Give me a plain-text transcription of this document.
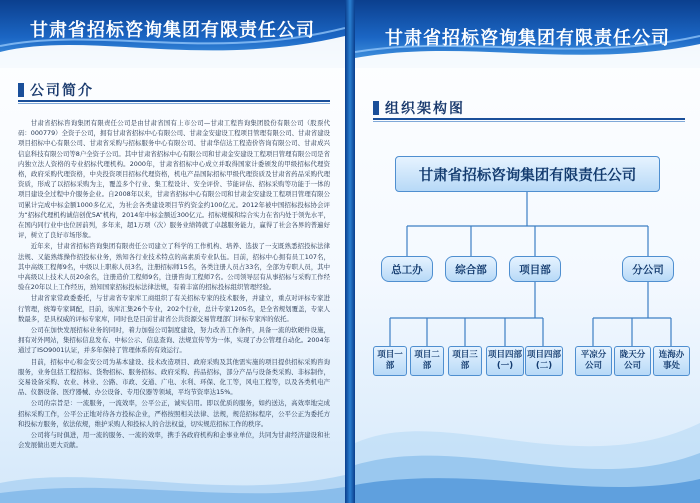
甘肃省招标咨询集团有限责任公司
公司简介

甘肃省招标咨询集团有限责任公司是由甘肃省国有上市公司—甘肃工程咨询集团股份有限公司（股票代码：000779）全资子公司，拥有甘肃省招标中心有限公司、甘肃金安建设工程项目管理有限公司、甘肃省建设项目招标中心有限公司、甘肃省采购与招标服务中心有限公司、甘肃华信达工程造价咨询有限公司、甘肃成兴信息科技有限公司等8户全资子公司。其中甘肃省招标中心有限公司和甘肃金安建设工程项目管理有限公司是省内独立法人资格的专业招标代理机构。2000年，甘肃省招标中心成立并取得国家计委颁发的甲级招标代理资格，政府采购代理资格，中央投资项目招标代理资格，机电产品国际招标甲级代理资质及甘肃省药品采购代理资质，形成了以招标采购为主，覆盖多个行业、集工程设计、安全评价、节能评估、招标采购等功能于一体的项目建设全过程中介服务企业。自2008年以来，甘肃省招标中心有限公司和甘肃金安建设工程项目管理有限公司累计完成中标金额1000多亿元，为社会各类建设项目节约资金约100亿元。2012年被中国招标投标协会评为“招标代理机构诚信创优5A”机构，2014年中标金额近300亿元。招标规模和综合实力在省内处于领先水平，在国内同行业中也位居前列，多年来，超1万项（次）服务业绩铸就了卓越服务能力，赢得了社会各界的普遍好评，树立了良好市场形象。

近年来，甘肃省招标咨询集团有限责任公司建立了科学的工作机构、培养、选拔了一支既熟悉招投标法律法规、又能熟练操作招投标业务，熟知各行业技术特点的高素质专业队伍。目前，招标中心拥有员工107名，其中高级工程师9名，中级以上职称人员3名，注册招标师15名，各类注册人员占33名，全部为专职人员，其中中高级以上技术人员20余名，注册造价工程师9名，注册咨询工程师7名。公司领导层有从事招标与采购工作经验在20年以上工作经历，熟知国家招标投标法律法规，有着丰富的招标投标组织管理经验。

甘肃省家常政委委托，与甘肃省专家库工商组织了有关招标专家的技术服务，并建立，重点对评标专家进行管理，统筹专家调配，目前，该库汇集26个专业，202个行业，总计专家1205名，是全省规划覆盖，专家人数最多，是具权威的评标专家库，同时也是目前甘肃省公共资源交易管理部门评标专家库的依托。

公司在加快发展招标业务的同时，着力加强公司制度建设，努力改善工作条件，具备一流的软硬件设施，拥有对外网站，集招标信息发布、中标公示、信息查询、法规宣传等为一体，实现了办公管理自动化。2004年通过了ISO9001认证，并多年保持了管理体系的有效运行。

目前，招标中心和金安公司为基本建设、技术改造项目、政府采购及其他需实施的项目提供招标采购咨询服务，业务包括工程招标、货物招标、服务招标、政府采购、药品招标，部分产品与设备类采购、非标制作，交易设备采购、农业、林业、公路、市政、交通、广电、水利、环保、化工等，风电工程等，以及各类机电产品、仪器设备、医疗器械、办公设备、专用仪器等领域，平均节资率达15%。

公司的宗旨是：一流服务，一流效率，公平公正，诚实信用。即以优质的服务，如约送达，高效率地完成招标采购工作，公平公正地对待各方投标企业，严格按照相关法律、法规，规范招标程序，公平公正为委托方和投标方服务，依法依规，维护采购人和投标人的合法权益，切实规范招标工作的秩序。

公司将与时俱进，用一流的服务、一流的效率，携手各政府机构和企事业单位，共同为甘肃经济建设和社会发展做出更大贡献。

甘肃省招标咨询集团有限责任公司
组织架构图
甘肃省招标咨询集团有限责任公司
总工办	综合部	项目部	分公司
项目一部
项目二部
项目三部
项目四部(一)
项目四部(二)
平凉分公司
陇天分公司
连海办事处
